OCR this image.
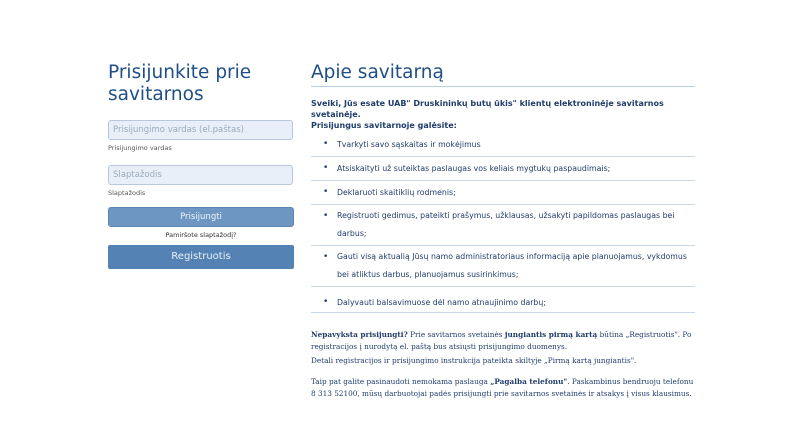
Prisijunkite prie savitarnos
Prisijungimo vardas (el.paštas)
Prisijungimo vardas
Slaptažodis
Slaptažodis
Prisijungti
Pamiršote slaptažodį?
Registruotis
Apie savitarną
Sveiki, Jūs esate UAB" Druskininkų butų ūkis" klientų elektroninėje savitarnos svetainėje.
Prisijungus savitarnoje galėsite:
• Tvarkyti savo sąskaitas ir mokėjimus
• Atsiskaityti už suteiktas paslaugas vos keliais mygtukų paspaudimais;
• Deklaruoti skaitiklių rodmenis;
• Registruoti gedimus, pateikti prašymus, užklausas, užsakyti papildomas paslaugas bei darbus;
• Gauti visą aktualią Jūsų namo administratoriaus informaciją apie planuojamus, vykdomus bei atliktus darbus, planuojamus susirinkimus;
• Dalyvauti balsavimuose dėl namo atnaujinimo darbų;

Nepavyksta prisijungti? Prie savitarnos svetainės jungiantis pirmą kartą būtina „Registruotis". Po registracijos į nurodytą el. paštą bus atsiųsti prisijungimo duomenys.

Detali registracijos ir prisijungimo instrukcija pateikta skiltyje „Pirmą kartą jungiantis".

Taip pat galite pasinaudoti nemokama paslauga „Pagalba telefonu". Paskambinus bendruoju telefonu 8 313 52100, mūsų darbuotojai padės prisijungti prie savitarnos svetainės ir atsakys į visus klausimus.
